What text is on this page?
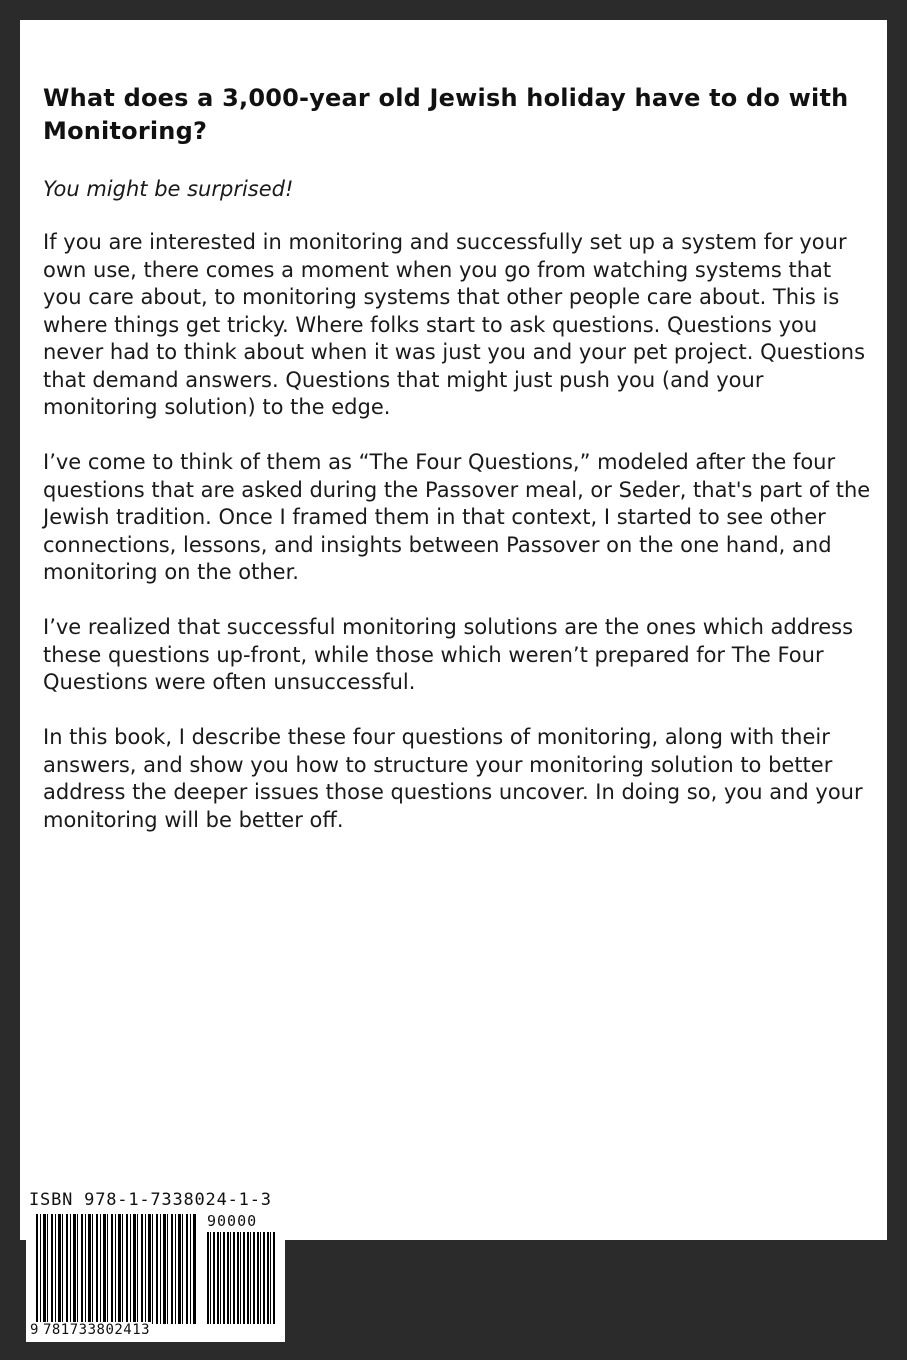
What does a 3,000-year old Jewish holiday have to do with Monitoring?

You might be surprised!

If you are interested in monitoring and successfully set up a system for your own use, there comes a moment when you go from watching systems that you care about, to monitoring systems that other people care about. This is where things get tricky. Where folks start to ask questions. Questions you never had to think about when it was just you and your pet project. Questions that demand answers. Questions that might just push you (and your monitoring solution) to the edge.

I’ve come to think of them as “The Four Questions,” modeled after the four questions that are asked during the Passover meal, or Seder, that's part of the Jewish tradition. Once I framed them in that context, I started to see other connections, lessons, and insights between Passover on the one hand, and monitoring on the other.

I’ve realized that successful monitoring solutions are the ones which address these questions up-front, while those which weren’t prepared for The Four Questions were often unsuccessful.

In this book, I describe these four questions of monitoring, along with their answers, and show you how to structure your monitoring solution to better address the deeper issues those questions uncover. In doing so, you and your monitoring will be better off.

ISBN 978-1-7338024-1-3
90000
9 781733802413
